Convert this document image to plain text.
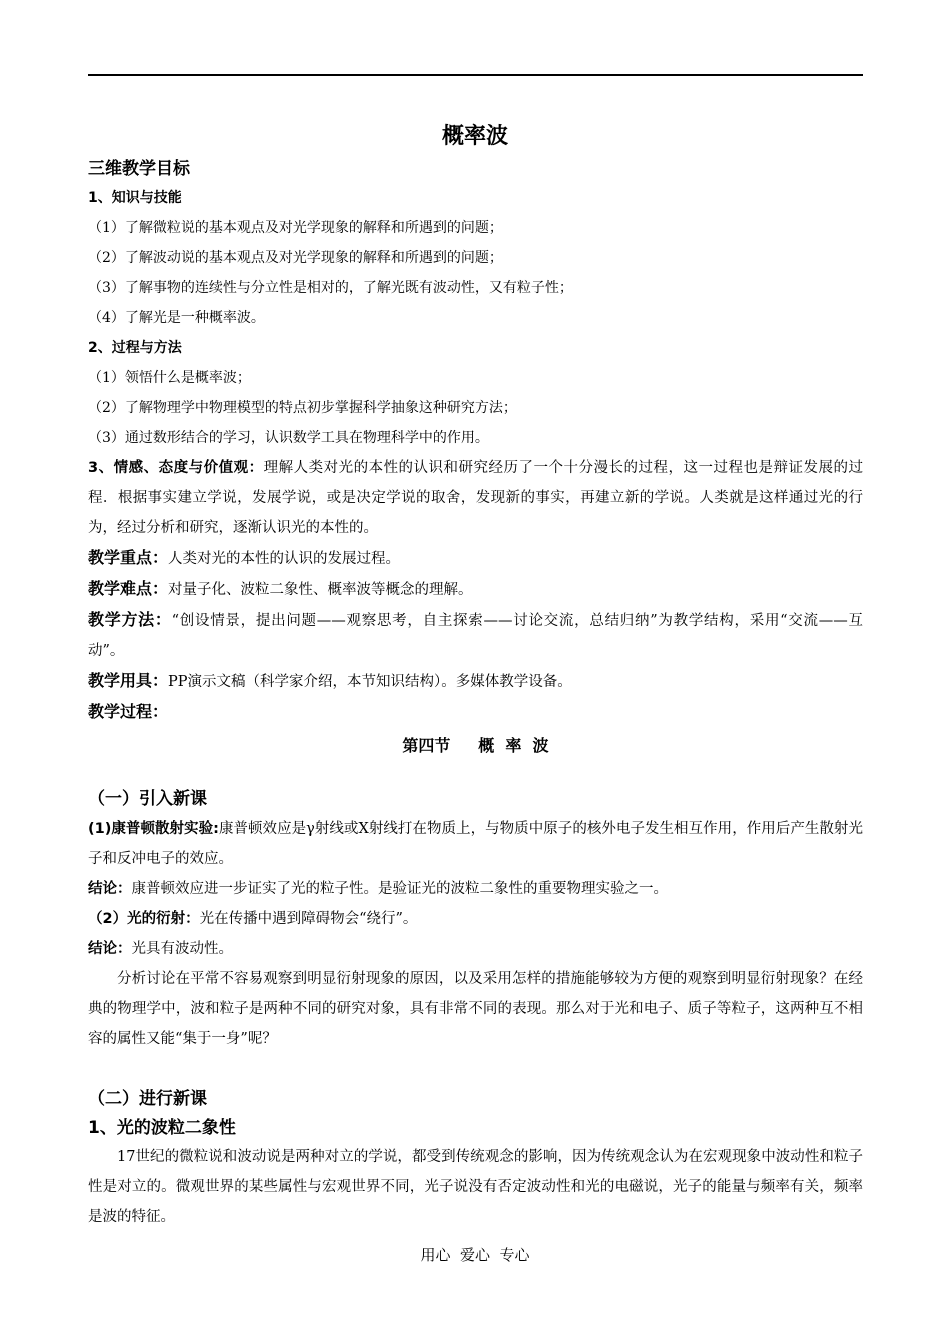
概率波

三维教学目标

1、知识与技能

（1）了解微粒说的基本观点及对光学现象的解释和所遇到的问题；

（2）了解波动说的基本观点及对光学现象的解释和所遇到的问题；

（3）了解事物的连续性与分立性是相对的，了解光既有波动性，又有粒子性；

（4）了解光是一种概率波。

2、过程与方法

（1）领悟什么是概率波；

（2）了解物理学中物理模型的特点初步掌握科学抽象这种研究方法；

（3）通过数形结合的学习，认识数学工具在物理科学中的作用。

3、情感、态度与价值观：理解人类对光的本性的认识和研究经历了一个十分漫长的过程，这一过程也是辩证发展的过程．根据事实建立学说，发展学说，或是决定学说的取舍，发现新的事实，再建立新的学说。人类就是这样通过光的行为，经过分析和研究，逐渐认识光的本性的。

教学重点：人类对光的本性的认识的发展过程。

教学难点：对量子化、波粒二象性、概率波等概念的理解。

教学方法：“创设情景，提出问题——观察思考，自主探索——讨论交流，总结归纳”为教学结构，采用“交流——互动”。

教学用具：PP演示文稿（科学家介绍，本节知识结构）。多媒体教学设备。

教学过程：

第四节     概  率  波

（一）引入新课

(1)康普顿散射实验:康普顿效应是γ射线或X射线打在物质上，与物质中原子的核外电子发生相互作用，作用后产生散射光子和反冲电子的效应。

结论：康普顿效应进一步证实了光的粒子性。是验证光的波粒二象性的重要物理实验之一。

（2）光的衍射：光在传播中遇到障碍物会“绕行”。

结论：光具有波动性。

分析讨论在平常不容易观察到明显衍射现象的原因，以及采用怎样的措施能够较为方便的观察到明显衍射现象？在经典的物理学中，波和粒子是两种不同的研究对象，具有非常不同的表现。那么对于光和电子、质子等粒子，这两种互不相容的属性又能“集于一身”呢？

（二）进行新课

1、光的波粒二象性

17世纪的微粒说和波动说是两种对立的学说，都受到传统观念的影响，因为传统观念认为在宏观现象中波动性和粒子性是对立的。微观世界的某些属性与宏观世界不同，光子说没有否定波动性和光的电磁说，光子的能量与频率有关，频率是波的特征。

用心  爱心  专心
